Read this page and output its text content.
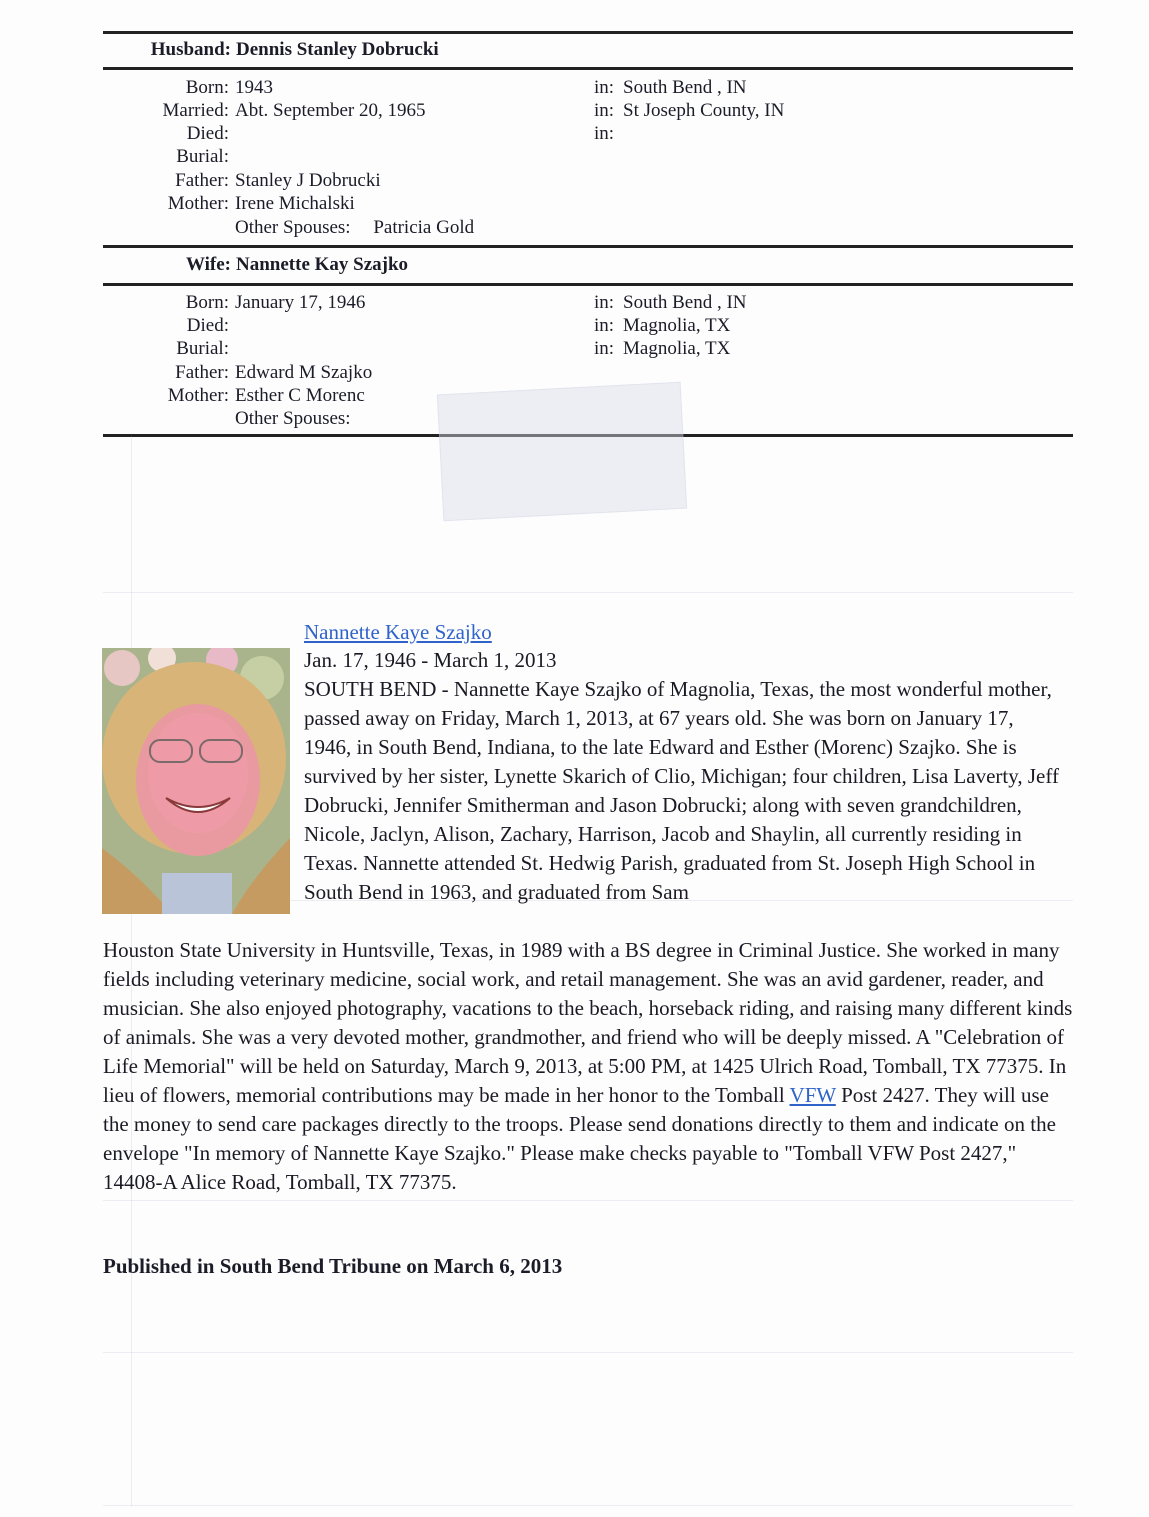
Husband: Dennis Stanley Dobrucki
Born: 1943	in: South Bend , IN
Married: Abt. September 20, 1965	in: St Joseph County, IN
Died:	in:
Burial:
Father: Stanley J Dobrucki
Mother: Irene Michalski
Other Spouses: Patricia Gold
Wife: Nannette Kay Szajko
Born: January 17, 1946	in: South Bend , IN
Died:	in: Magnolia, TX
Burial:	in: Magnolia, TX
Father: Edward M Szajko
Mother: Esther C Morenc
Other Spouses:
Nannette Kaye Szajko

Jan. 17, 1946 - March 1, 2013
SOUTH BEND - Nannette Kaye Szajko of Magnolia, Texas, the most wonderful mother, passed away on Friday, March 1, 2013, at 67 years old. She was born on January 17, 1946, in South Bend, Indiana, to the late Edward and Esther (Morenc) Szajko. She is survived by her sister, Lynette Skarich of Clio, Michigan; four children, Lisa Laverty, Jeff Dobrucki, Jennifer Smitherman and Jason Dobrucki; along with seven grandchildren, Nicole, Jaclyn, Alison, Zachary, Harrison, Jacob and Shaylin, all currently residing in Texas. Nannette attended St. Hedwig Parish, graduated from St. Joseph High School in South Bend in 1963, and graduated from Sam

Houston State University in Huntsville, Texas, in 1989 with a BS degree in Criminal Justice. She worked in many fields including veterinary medicine, social work, and retail management. She was an avid gardener, reader, and musician. She also enjoyed photography, vacations to the beach, horseback riding, and raising many different kinds of animals. She was a very devoted mother, grandmother, and friend who will be deeply missed. A "Celebration of Life Memorial" will be held on Saturday, March 9, 2013, at 5:00 PM, at 1425 Ulrich Road, Tomball, TX 77375. In lieu of flowers, memorial contributions may be made in her honor to the Tomball VFW Post 2427. They will use the money to send care packages directly to the troops. Please send donations directly to them and indicate on the envelope "In memory of Nannette Kaye Szajko." Please make checks payable to "Tomball VFW Post 2427," 14408-A Alice Road, Tomball, TX 77375.

Published in South Bend Tribune on March 6, 2013
